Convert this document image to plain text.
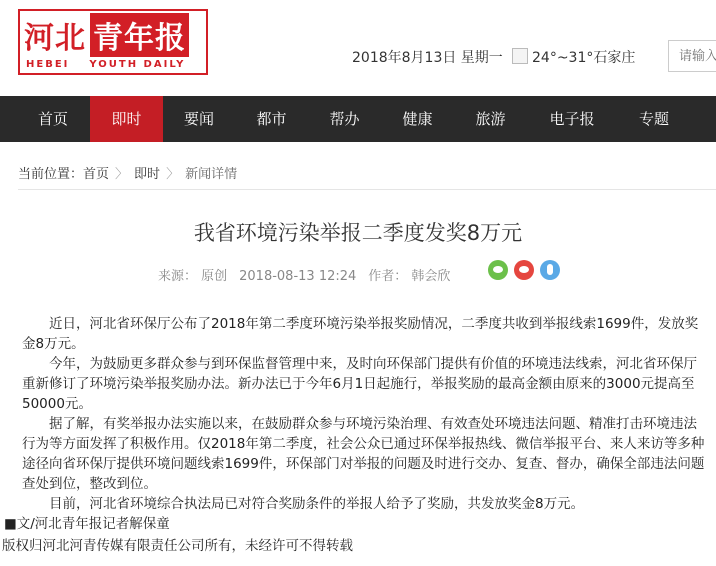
河北 青年报
HEBEI YOUTH DAILY	2018年8月13日 星期一	24°~31°石家庄
请输入
首页	即时	要闻	都市	帮办	健康	旅游	电子报	专题
当前位置：首页 〉 即时 〉 新闻详情
我省环境污染举报二季度发奖8万元
来源： 原创 2018-08-13 12:24 作者： 韩会欣

近日，河北省环保厅公布了2018年第二季度环境污染举报奖励情况，二季度共收到举报线索1699件，发放奖金8万元。

今年，为鼓励更多群众参与到环保监督管理中来，及时向环保部门提供有价值的环境违法线索，河北省环保厅重新修订了环境污染举报奖励办法。新办法已于今年6月1日起施行，举报奖励的最高金额由原来的3000元提高至50000元。

据了解，有奖举报办法实施以来，在鼓励群众参与环境污染治理、有效查处环境违法问题、精准打击环境违法行为等方面发挥了积极作用。仅2018年第二季度，社会公众已通过环保举报热线、微信举报平台、来人来访等多种途径向省环保厅提供环境问题线索1699件，环保部门对举报的问题及时进行交办、复查、督办，确保全部违法问题查处到位，整改到位。

目前，河北省环境综合执法局已对符合奖励条件的举报人给予了奖励，共发放奖金8万元。

■文/河北青年报记者解保童

版权归河北河青传媒有限责任公司所有，未经许可不得转载
